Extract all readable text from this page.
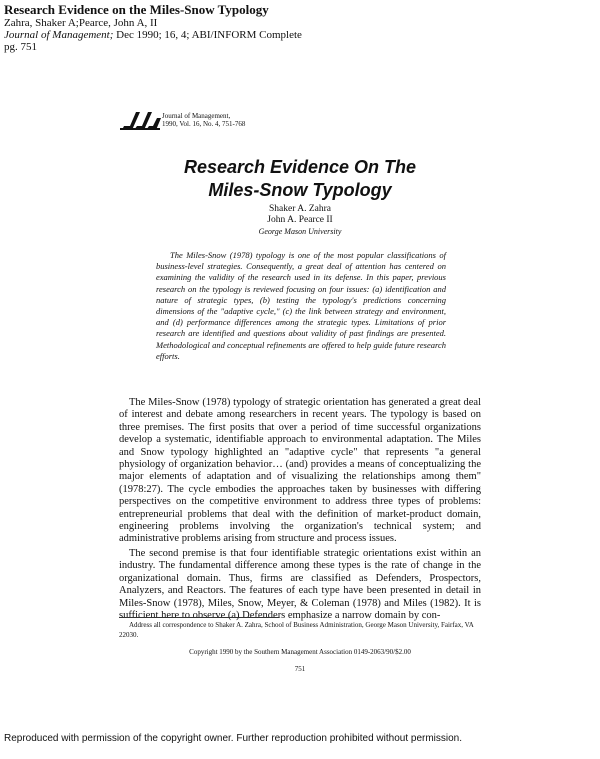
Research Evidence on the Miles-Snow Typology
Zahra, Shaker A;Pearce, John A, II
Journal of Management; Dec 1990; 16, 4; ABI/INFORM Complete
pg. 751
Journal of Management,
1990, Vol. 16, No. 4, 751-768
Research Evidence On The
Miles-Snow Typology
Shaker A. Zahra
John A. Pearce II
George Mason University

The Miles-Snow (1978) typology is one of the most popular classifications of business-level strategies. Consequently, a great deal of attention has centered on examining the validity of the research used in its defense. In this paper, previous research on the typology is reviewed focusing on four issues: (a) identification and nature of strategic types, (b) testing the typology's predictions concerning dimensions of the "adaptive cycle," (c) the link between strategy and environment, and (d) performance differences among the strategic types. Limitations of prior research are identified and questions about validity of past findings are presented. Methodological and conceptual refinements are offered to help guide future research efforts.

The Miles-Snow (1978) typology of strategic orientation has generated a great deal of interest and debate among researchers in recent years. The typology is based on three premises. The first posits that over a period of time successful organizations develop a systematic, identifiable approach to environmental adaptation. The Miles and Snow typology highlighted an "adaptive cycle" that represents "a general physiology of organization behavior… (and) provides a means of conceptualizing the major elements of adaptation and of visualizing the relationships among them" (1978:27). The cycle embodies the approaches taken by businesses with differing perspectives on the competitive environment to address three types of problems: entrepreneurial problems that deal with the definition of market-product domain, engineering problems involving the organization's technical system; and administrative problems arising from structure and process issues.

The second premise is that four identifiable strategic orientations exist within an industry. The fundamental difference among these types is the rate of change in the organizational domain. Thus, firms are classified as Defenders, Prospectors, Analyzers, and Reactors. The features of each type have been presented in detail in Miles-Snow (1978), Miles, Snow, Meyer, & Coleman (1978) and Miles (1982). It is sufficient here to observe (a) Defenders emphasize a narrow domain by con-

Address all correspondence to Shaker A. Zahra, School of Business Administration, George Mason University, Fairfax, VA 22030.

Copyright 1990 by the Southern Management Association 0149-2063/90/$2.00
751
Reproduced with permission of the copyright owner. Further reproduction prohibited without permission.
